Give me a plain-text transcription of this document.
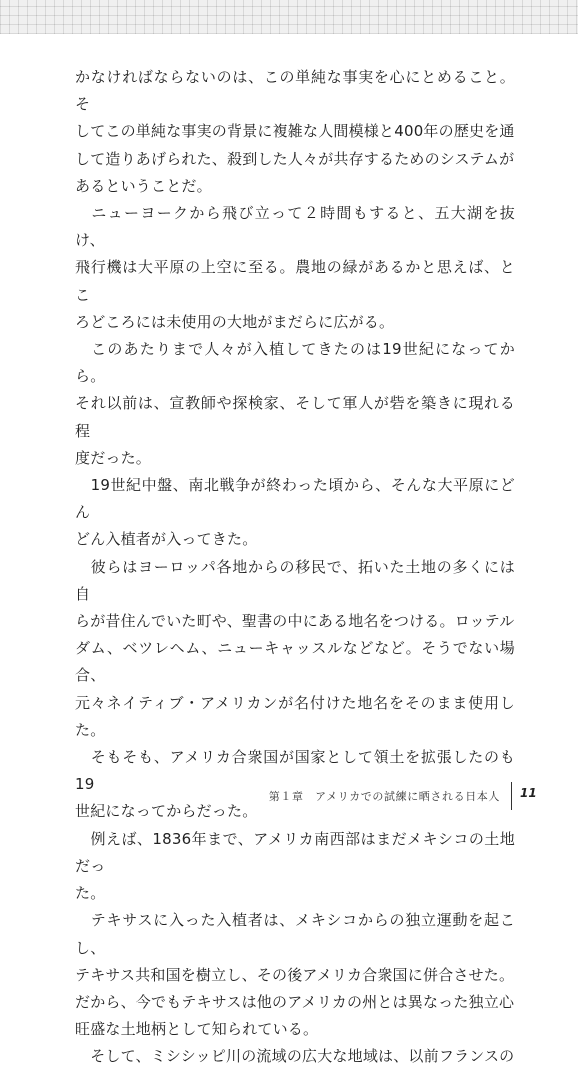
かなければならないのは、この単純な事実を心にとめること。そ
してこの単純な事実の背景に複雑な人間模様と400年の歴史を通
して造りあげられた、殺到した人々が共存するためのシステムが
あるということだ。

　ニューヨークから飛び立って２時間もすると、五大湖を抜け、
飛行機は大平原の上空に至る。農地の緑があるかと思えば、とこ
ろどころには未使用の大地がまだらに広がる。

　このあたりまで人々が入植してきたのは19世紀になってから。
それ以前は、宣教師や探検家、そして軍人が砦を築きに現れる程
度だった。

　19世紀中盤、南北戦争が終わった頃から、そんな大平原にどん
どん入植者が入ってきた。

　彼らはヨーロッパ各地からの移民で、拓いた土地の多くには自
らが昔住んでいた町や、聖書の中にある地名をつける。ロッテル
ダム、ベツレヘム、ニューキャッスルなどなど。そうでない場合、
元々ネイティブ・アメリカンが名付けた地名をそのまま使用した。

　そもそも、アメリカ合衆国が国家として領土を拡張したのも19
世紀になってからだった。

　例えば、1836年まで、アメリカ南西部はまだメキシコの土地だっ
た。

　テキサスに入った入植者は、メキシコからの独立運動を起こし、
テキサス共和国を樹立し、その後アメリカ合衆国に併合させた。
だから、今でもテキサスは他のアメリカの州とは異なった独立心
旺盛な土地柄として知られている。

　そして、ミシシッピ川の流域の広大な地域は、以前フランスの

第１章　アメリカでの試練に晒される日本人 11
